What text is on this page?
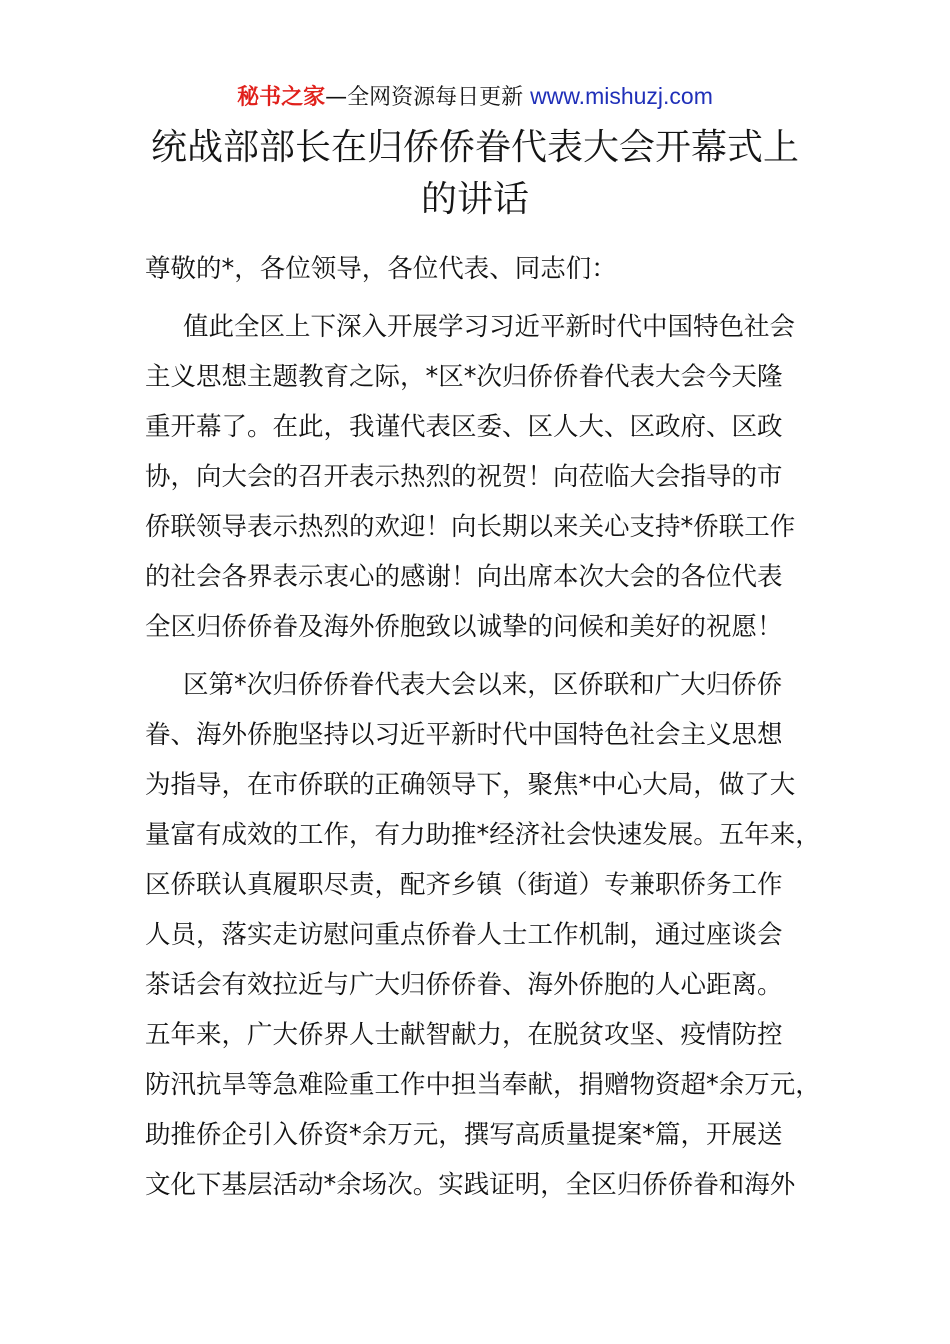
秘书之家—全网资源每日更新 www.mishuzj.com
统战部部长在归侨侨眷代表大会开幕式上
的讲话

尊敬的*，各位领导，各位代表、同志们：

值此全区上下深入开展学习习近平新时代中国特色社会
主义思想主题教育之际，*区*次归侨侨眷代表大会今天隆
重开幕了。在此，我谨代表区委、区人大、区政府、区政
协，向大会的召开表示热烈的祝贺！向莅临大会指导的市
侨联领导表示热烈的欢迎！向长期以来关心支持*侨联工作
的社会各界表示衷心的感谢！向出席本次大会的各位代表
全区归侨侨眷及海外侨胞致以诚挚的问候和美好的祝愿！

区第*次归侨侨眷代表大会以来，区侨联和广大归侨侨
眷、海外侨胞坚持以习近平新时代中国特色社会主义思想
为指导，在市侨联的正确领导下，聚焦*中心大局，做了大
量富有成效的工作，有力助推*经济社会快速发展。五年来，
区侨联认真履职尽责，配齐乡镇（街道）专兼职侨务工作
人员，落实走访慰问重点侨眷人士工作机制，通过座谈会
茶话会有效拉近与广大归侨侨眷、海外侨胞的人心距离。
五年来，广大侨界人士献智献力，在脱贫攻坚、疫情防控
防汛抗旱等急难险重工作中担当奉献，捐赠物资超*余万元，
助推侨企引入侨资*余万元，撰写高质量提案*篇，开展送
文化下基层活动*余场次。实践证明，全区归侨侨眷和海外
